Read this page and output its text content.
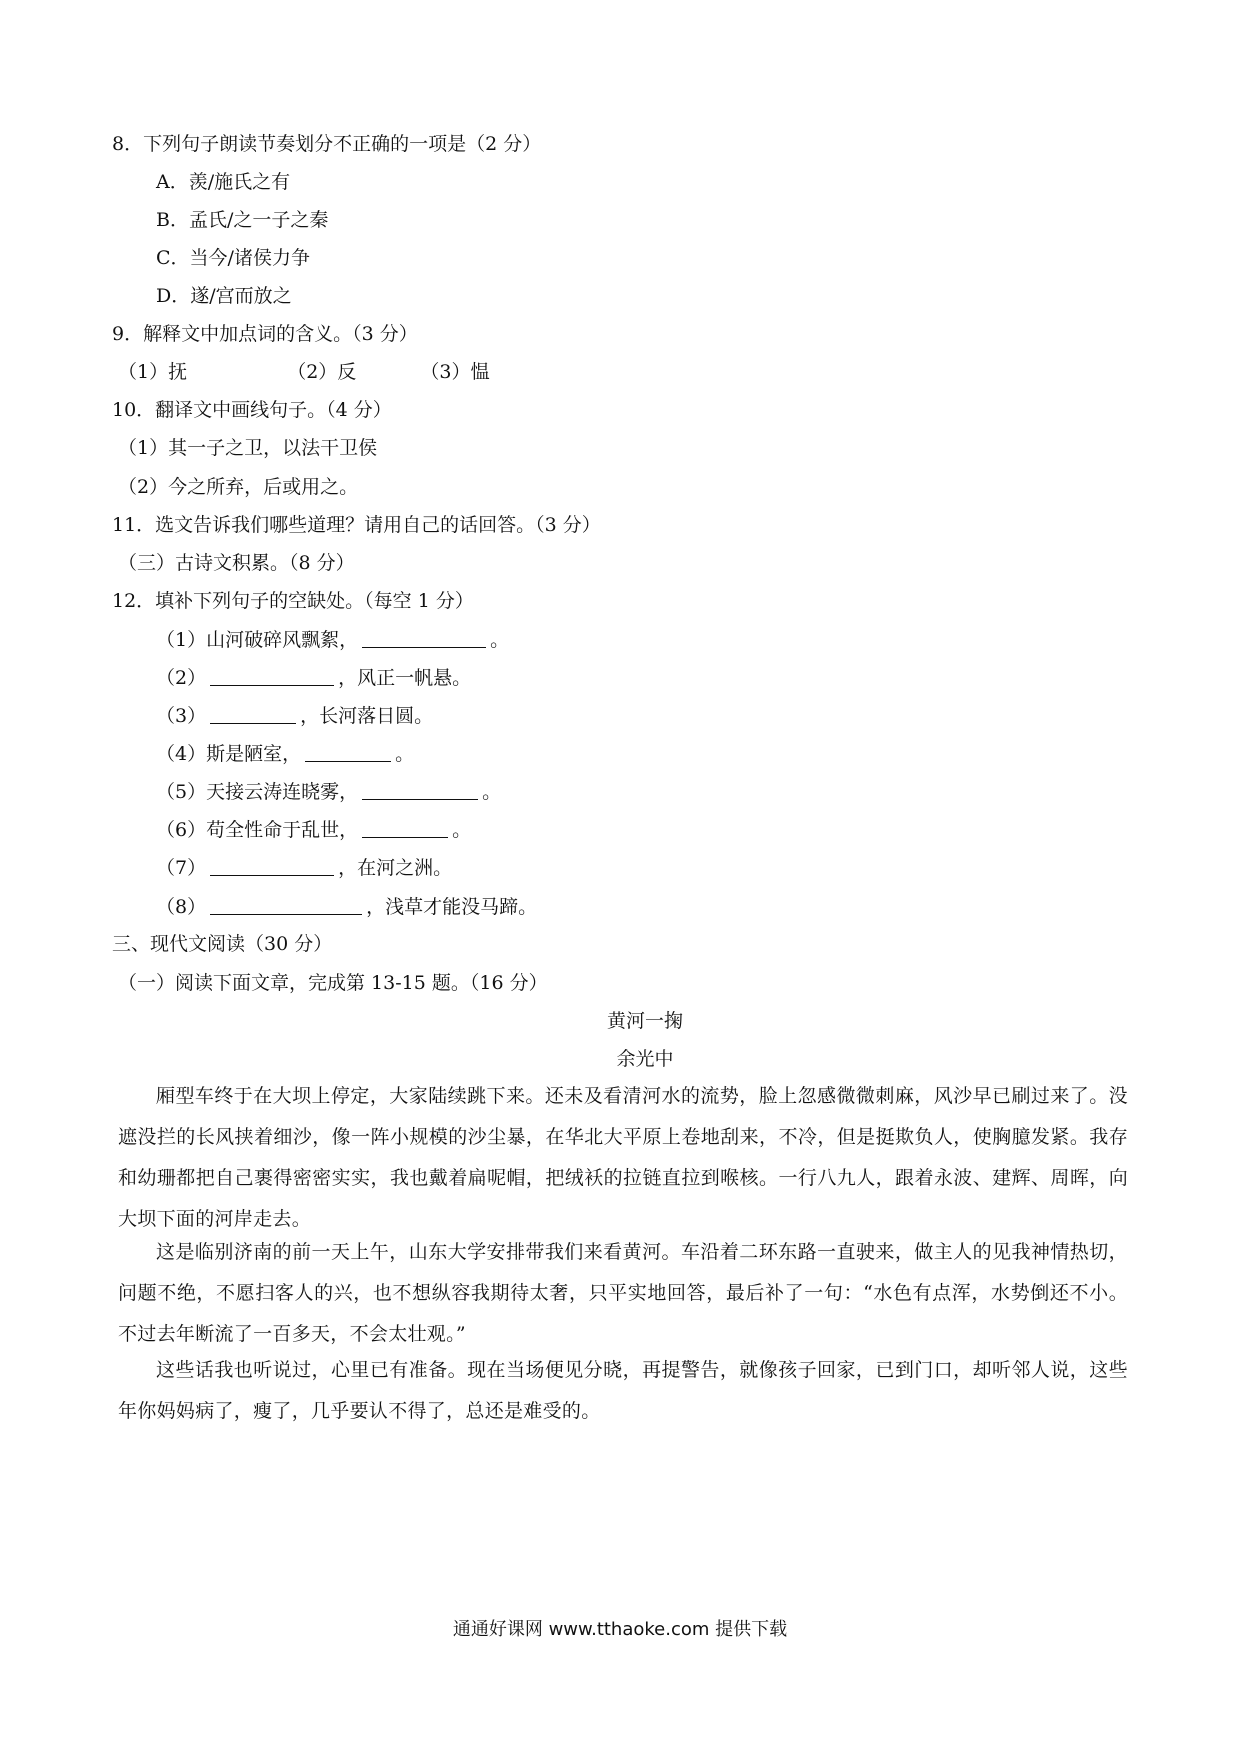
8．下列句子朗读节奏划分不正确的一项是（2 分）
A．羡/施氏之有
B．孟氏/之一子之秦
C．当今/诸侯力争
D．遂/宫而放之
9．解释文中加点词的含义。（3 分）
（1）抚	（2）反	（3）愠
10．翻译文中画线句子。（4 分）
（1）其一子之卫，以法干卫侯
（2）今之所弃，后或用之。
11．选文告诉我们哪些道理？请用自己的话回答。（3 分）
（三）古诗文积累。（8 分）
12．填补下列句子的空缺处。（每空 1 分）
（1）山河破碎风飘絮，	。
（2）	，风正一帆悬。
（3）	，长河落日圆。
（4）斯是陋室，	。
（5）天接云涛连晓雾，	。
（6）苟全性命于乱世，	。
（7）	，在河之洲。
（8）	，浅草才能没马蹄。
三、现代文阅读（30 分）
（一）阅读下面文章，完成第 13-15 题。（16 分）
黄河一掬
余光中
厢型车终于在大坝上停定，大家陆续跳下来。还未及看清河水的流势，脸上忽感微微刺麻，风沙早已刷过来了。没遮没拦的长风挟着细沙，像一阵小规模的沙尘暴，在华北大平原上卷地刮来，不冷，但是挺欺负人，使胸臆发紧。我存和幼珊都把自己裹得密密实实，我也戴着扁呢帽，把绒袄的拉链直拉到喉核。一行八九人，跟着永波、建辉、周晖，向大坝下面的河岸走去。
这是临别济南的前一天上午，山东大学安排带我们来看黄河。车沿着二环东路一直驶来，做主人的见我神情热切，问题不绝，不愿扫客人的兴，也不想纵容我期待太奢，只平实地回答，最后补了一句：“水色有点浑，水势倒还不小。不过去年断流了一百多天，不会太壮观。”
这些话我也听说过，心里已有准备。现在当场便见分晓，再提警告，就像孩子回家，已到门口，却听邻人说，这些年你妈妈病了，瘦了，几乎要认不得了，总还是难受的。
通通好课网 www.tthaoke.com 提供下载
